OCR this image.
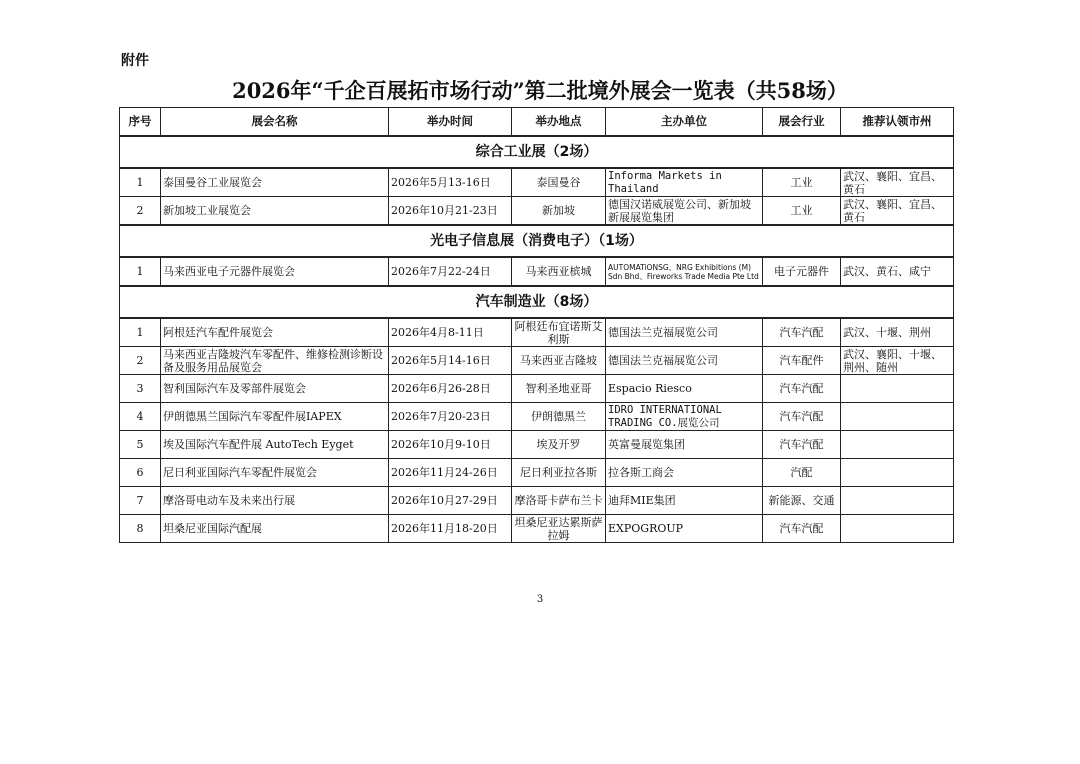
附件
2026年“千企百展拓市场行动”第二批境外展会一览表（共58场）
序号	展会名称	举办时间	举办地点	主办单位	展会行业	推荐认领市州
综合工业展（2场）						
1	泰国曼谷工业展览会	2026年5月13-16日	泰国曼谷	Informa Markets in Thailand	工业	武汉、襄阳、宜昌、黄石
2	新加坡工业展览会	2026年10月21-23日	新加坡	德国汉诺威展览公司、新加坡新展展览集团	工业	武汉、襄阳、宜昌、黄石
光电子信息展（消费电子）（1场）						
1	马来西亚电子元器件展览会	2026年7月22-24日	马来西亚槟城	AUTOMATiONSG、NRG Exhibitions (M) Sdn Bhd、Fireworks Trade Media Pte Ltd	电子元器件	武汉、黄石、咸宁
汽车制造业（8场）						
1	阿根廷汽车配件展览会	2026年4月8-11日	阿根廷布宜诺斯艾利斯	德国法兰克福展览公司	汽车汽配	武汉、十堰、荆州
2	马来西亚吉隆坡汽车零配件、维修检测诊断设备及服务用品展览会	2026年5月14-16日	马来西亚吉隆坡	德国法兰克福展览公司	汽车配件	武汉、襄阳、十堰、荆州、随州
3	智利国际汽车及零部件展览会	2026年6月26-28日	智利圣地亚哥	Espacio Riesco	汽车汽配	
4	伊朗德黑兰国际汽车零配件展IAPEX	2026年7月20-23日	伊朗德黑兰	IDRO INTERNATIONAL TRADING CO.展览公司	汽车汽配	
5	埃及国际汽车配件展 AutoTech Eyget	2026年10月9-10日	埃及开罗	英富曼展览集团	汽车汽配	
6	尼日利亚国际汽车零配件展览会	2026年11月24-26日	尼日利亚拉各斯	拉各斯工商会	汽配	
7	摩洛哥电动车及未来出行展	2026年10月27-29日	摩洛哥卡萨布兰卡	迪拜MIE集团	新能源、交通	
8	坦桑尼亚国际汽配展	2026年11月18-20日	坦桑尼亚达累斯萨拉姆	EXPOGROUP	汽车汽配	
3
